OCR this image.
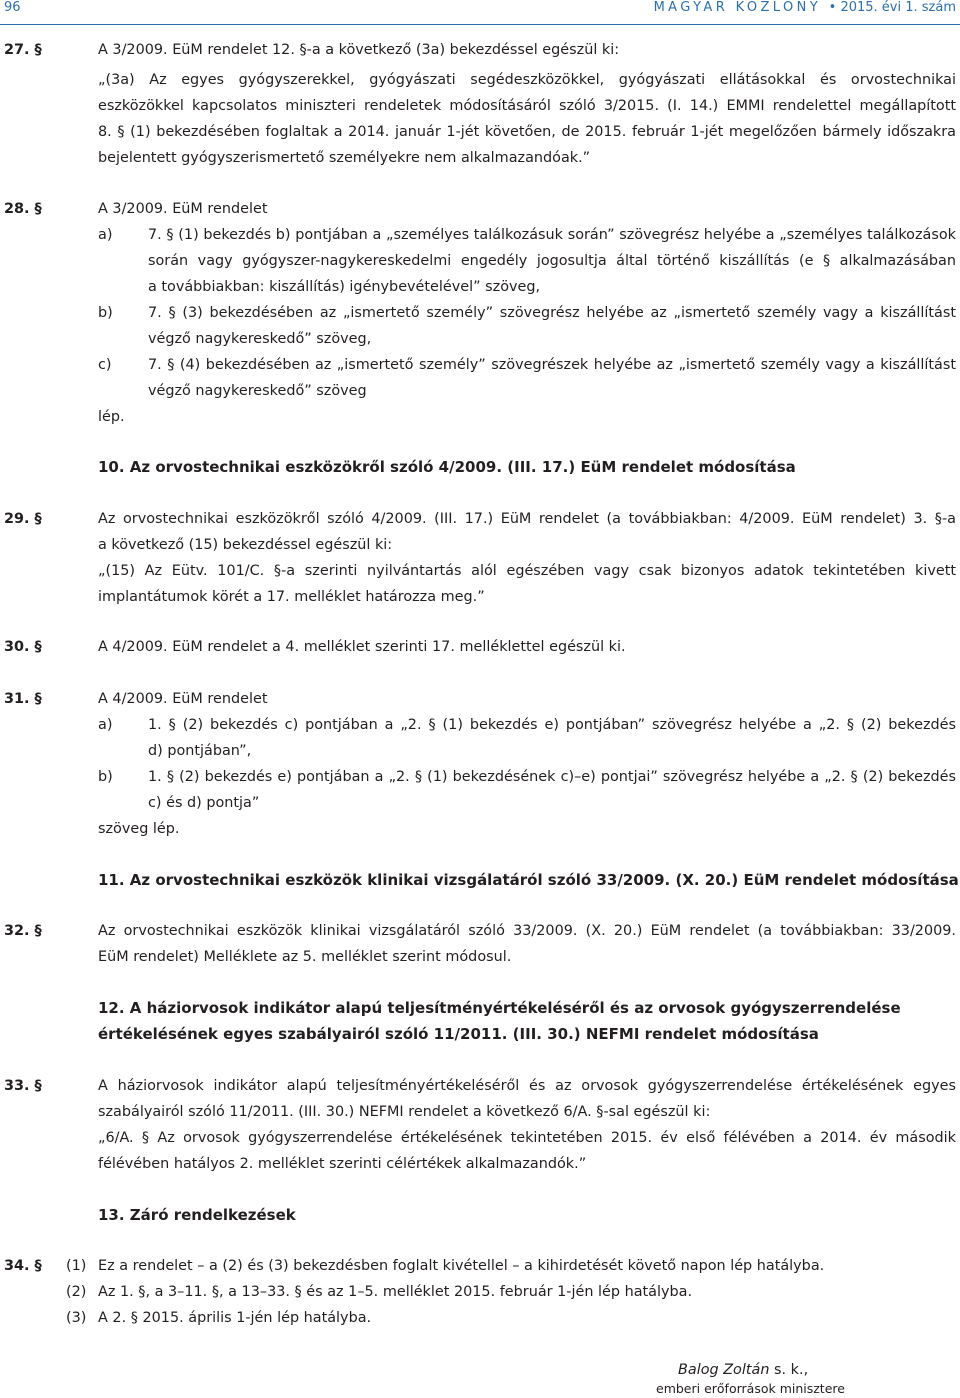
96	MAGYAR KÖZLÖNY • 2015. évi 1. szám
27. §	A 3/2009. EüM rendelet 12. §-a a következő (3a) bekezdéssel egészül ki:
„(3a) Az egyes gyógyszerekkel, gyógyászati segédeszközökkel, gyógyászati ellátásokkal és orvostechnikai
eszközökkel kapcsolatos miniszteri rendeletek módosításáról szóló 3/2015. (I. 14.) EMMI rendelettel megállapított
8. § (1) bekezdésében foglaltak a 2014. január 1-jét követően, de 2015. február 1-jét megelőzően bármely időszakra
bejelentett gyógyszerismertető személyekre nem alkalmazandóak.”
28. §	A 3/2009. EüM rendelet
a) 7. § (1) bekezdés b) pontjában a „személyes találkozásuk során” szövegrész helyébe a „személyes találkozások
során vagy gyógyszer-nagykereskedelmi engedély jogosultja által történő kiszállítás (e § alkalmazásában
a továbbiakban: kiszállítás) igénybevételével” szöveg,
b) 7. § (3) bekezdésében az „ismertető személy” szövegrész helyébe az „ismertető személy vagy a kiszállítást
végző nagykereskedő” szöveg,
c)	7. § (4) bekezdésében az „ismertető személy” szövegrészek helyébe az „ismertető személy vagy a kiszállítást
végző nagykereskedő” szöveg
lép.
10. Az orvostechnikai eszközökről szóló 4/2009. (III. 17.) EüM rendelet módosítása
29. §	Az orvostechnikai eszközökről szóló 4/2009. (III. 17.) EüM rendelet (a továbbiakban: 4/2009. EüM rendelet) 3. §-a
a következő (15) bekezdéssel egészül ki:
„(15) Az Eütv. 101/C. §-a szerinti nyilvántartás alól egészében vagy csak bizonyos adatok tekintetében kivett
implantátumok körét a 17. melléklet határozza meg.”
30. §	A 4/2009. EüM rendelet a 4. melléklet szerinti 17. melléklettel egészül ki.
31. §	A 4/2009. EüM rendelet
a) 1. § (2) bekezdés c) pontjában a „2. § (1) bekezdés e) pontjában” szövegrész helyébe a „2. § (2) bekezdés
d) pontjában”,
b) 1. § (2) bekezdés e) pontjában a „2. § (1) bekezdésének c)–e) pontjai” szövegrész helyébe a „2. § (2) bekezdés
c) és d) pontja”
szöveg lép.
11. Az orvostechnikai eszközök klinikai vizsgálatáról szóló 33/2009. (X. 20.) EüM rendelet módosítása
32. §	Az orvostechnikai eszközök klinikai vizsgálatáról szóló 33/2009. (X. 20.) EüM rendelet (a továbbiakban: 33/2009.
EüM rendelet) Melléklete az 5. melléklet szerint módosul.
12. A háziorvosok indikátor alapú teljesítményértékeléséről és az orvosok gyógyszerrendelése
értékelésének egyes szabályairól szóló 11/2011. (III. 30.) NEFMI rendelet módosítása
33. §	A háziorvosok indikátor alapú teljesítményértékeléséről és az orvosok gyógyszerrendelése értékelésének egyes
szabályairól szóló 11/2011. (III. 30.) NEFMI rendelet a következő 6/A. §-sal egészül ki:
„6/A. § Az orvosok gyógyszerrendelése értékelésének tekintetében 2015. év első félévében a 2014. év második
félévében hatályos 2. melléklet szerinti célértékek alkalmazandók.”
13. Záró rendelkezések
34. § (1) Ez a rendelet – a (2) és (3) bekezdésben foglalt kivétellel – a kihirdetését követő napon lép hatályba.
(2) Az 1. §, a 3–11. §, a 13–33. § és az 1–5. melléklet 2015. február 1-jén lép hatályba.
(3) A 2. § 2015. április 1-jén lép hatályba.
Balog Zoltán s. k.,
emberi erőforrások minisztere
